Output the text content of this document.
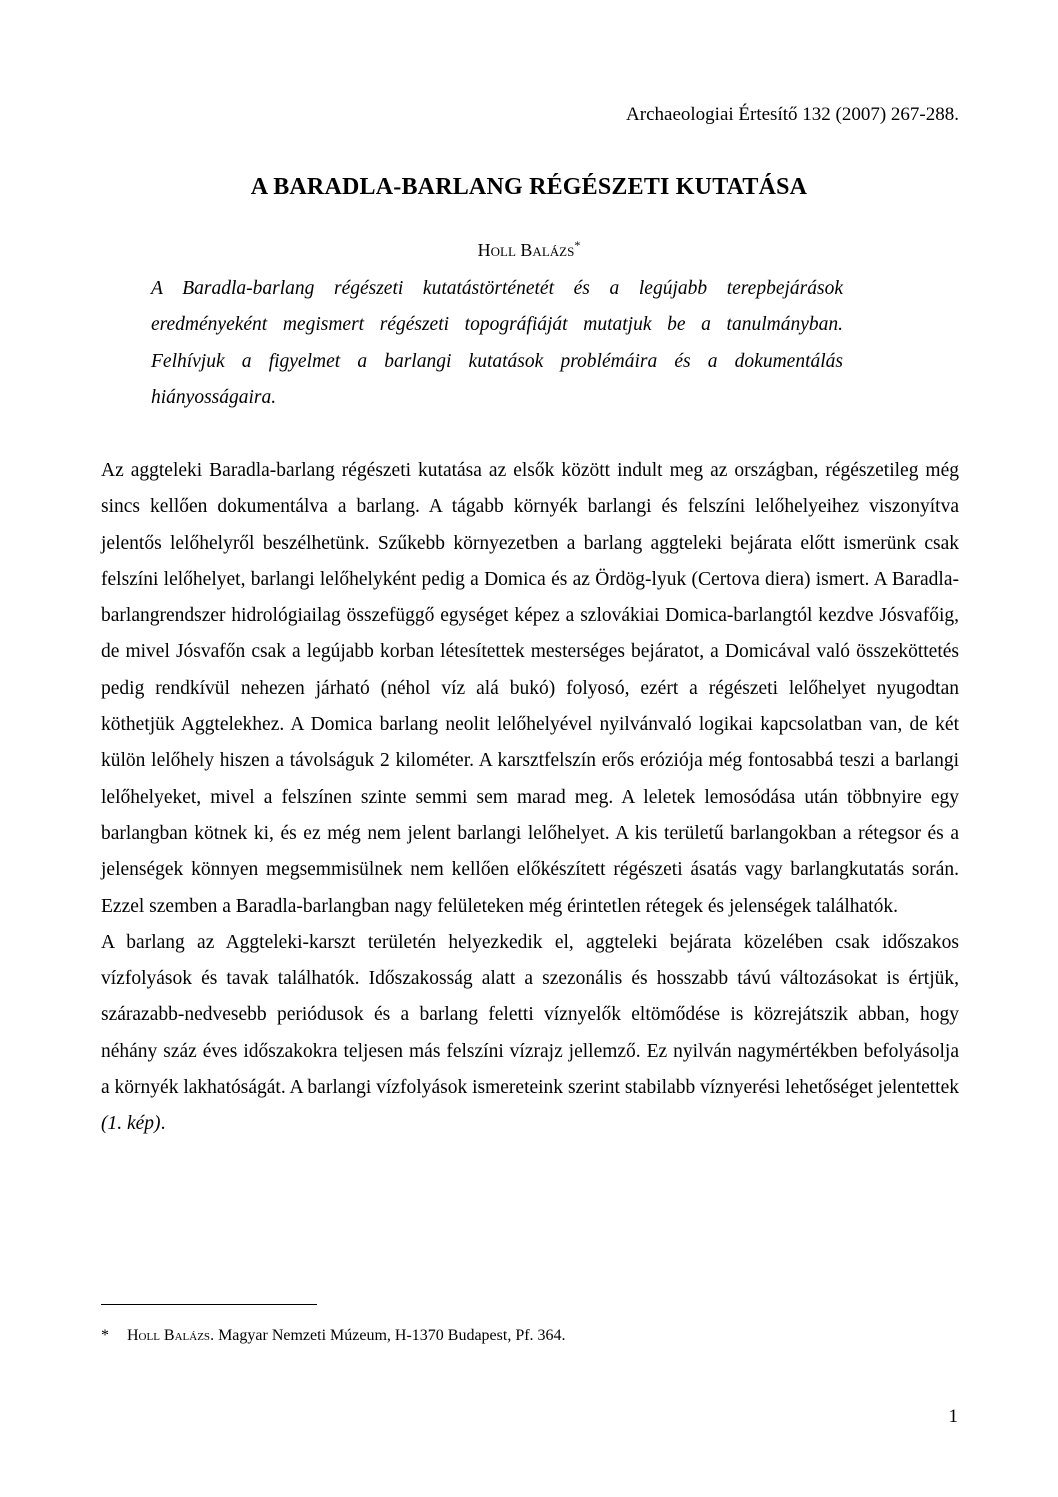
Archaeologiai Értesítő 132 (2007) 267-288.
A BARADLA-BARLANG RÉGÉSZETI KUTATÁSA
Holl Balázs*

A Baradla-barlang régészeti kutatástörténetét és a legújabb terepbejárások eredményeként megismert régészeti topográfiáját mutatjuk be a tanulmányban. Felhívjuk a figyelmet a barlangi kutatások problémáira és a dokumentálás hiányosságaira.

Az aggteleki Baradla-barlang régészeti kutatása az elsők között indult meg az országban, régészetileg még sincs kellően dokumentálva a barlang. A tágabb környék barlangi és felszíni lelőhelyeihez viszonyítva jelentős lelőhelyről beszélhetünk. Szűkebb környezetben a barlang aggteleki bejárata előtt ismerünk csak felszíni lelőhelyet, barlangi lelőhelyként pedig a Domica és az Ördög-lyuk (Certova diera) ismert. A Baradla-barlangrendszer hidrológiailag összefüggő egységet képez a szlovákiai Domica-barlangtól kezdve Jósvafőig, de mivel Jósvafőn csak a legújabb korban létesítettek mesterséges bejáratot, a Domicával való összeköttetés pedig rendkívül nehezen járható (néhol víz alá bukó) folyosó, ezért a régészeti lelőhelyet nyugodtan köthetjük Aggtelekhez. A Domica barlang neolit lelőhelyével nyilvánvaló logikai kapcsolatban van, de két külön lelőhely hiszen a távolságuk 2 kilométer. A karsztfelszín erős eróziója még fontosabbá teszi a barlangi lelőhelyeket, mivel a felszínen szinte semmi sem marad meg. A leletek lemosódása után többnyire egy barlangban kötnek ki, és ez még nem jelent barlangi lelőhelyet. A kis területű barlangokban a rétegsor és a jelenségek könnyen megsemmisülnek nem kellően előkészített régészeti ásatás vagy barlangkutatás során. Ezzel szemben a Baradla-barlangban nagy felületeken még érintetlen rétegek és jelenségek találhatók.

A barlang az Aggteleki-karszt területén helyezkedik el, aggteleki bejárata közelében csak időszakos vízfolyások és tavak találhatók. Időszakosság alatt a szezonális és hosszabb távú változásokat is értjük, szárazabb-nedvesebb periódusok és a barlang feletti víznyelők eltömődése is közrejátszik abban, hogy néhány száz éves időszakokra teljesen más felszíni vízrajz jellemző. Ez nyilván nagymértékben befolyásolja a környék lakhatóságát. A barlangi vízfolyások ismereteink szerint stabilabb víznyerési lehetőséget jelentettek (1. kép).

* Holl Balázs. Magyar Nemzeti Múzeum, H-1370 Budapest, Pf. 364.
1
